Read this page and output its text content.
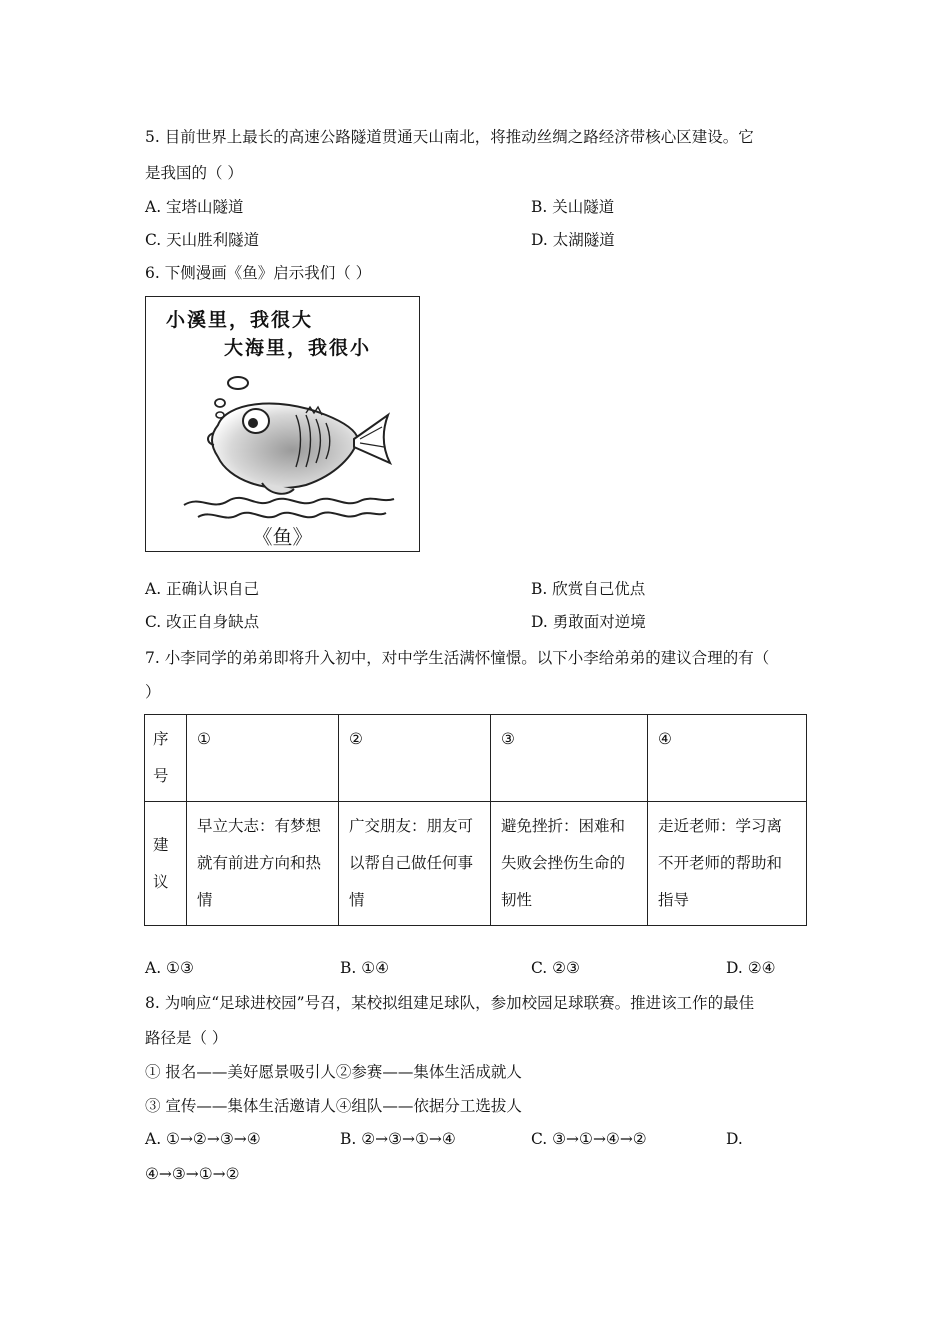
5. 目前世界上最长的高速公路隧道贯通天山南北，将推动丝绸之路经济带核心区建设。它
是我国的（ ）
A. 宝塔山隧道	B. 关山隧道
C. 天山胜利隧道	D. 太湖隧道
6. 下侧漫画《鱼》启示我们（ ）
小溪里，我很大
大海里，我很小
《鱼》
A. 正确认识自己	B. 欣赏自己优点
C. 改正自身缺点	D. 勇敢面对逆境
7. 小李同学的弟弟即将升入初中，对中学生活满怀憧憬。以下小李给弟弟的建议合理的有（
）
序号	①	②	③	④
建议	早立大志：有梦想就有前进方向和热情	广交朋友：朋友可以帮自己做任何事情	避免挫折：困难和失败会挫伤生命的韧性	走近老师：学习离不开老师的帮助和指导
A. ①③	B. ①④	C. ②③	D. ②④
8. 为响应“足球进校园”号召，某校拟组建足球队，参加校园足球联赛。推进该工作的最佳
路径是（ ）
① 报名——美好愿景吸引人②参赛——集体生活成就人
③ 宣传——集体生活邀请人④组队——依据分工选拔人
A. ①→②→③→④	B. ②→③→①→④	C. ③→①→④→②	D.
④→③→①→②
